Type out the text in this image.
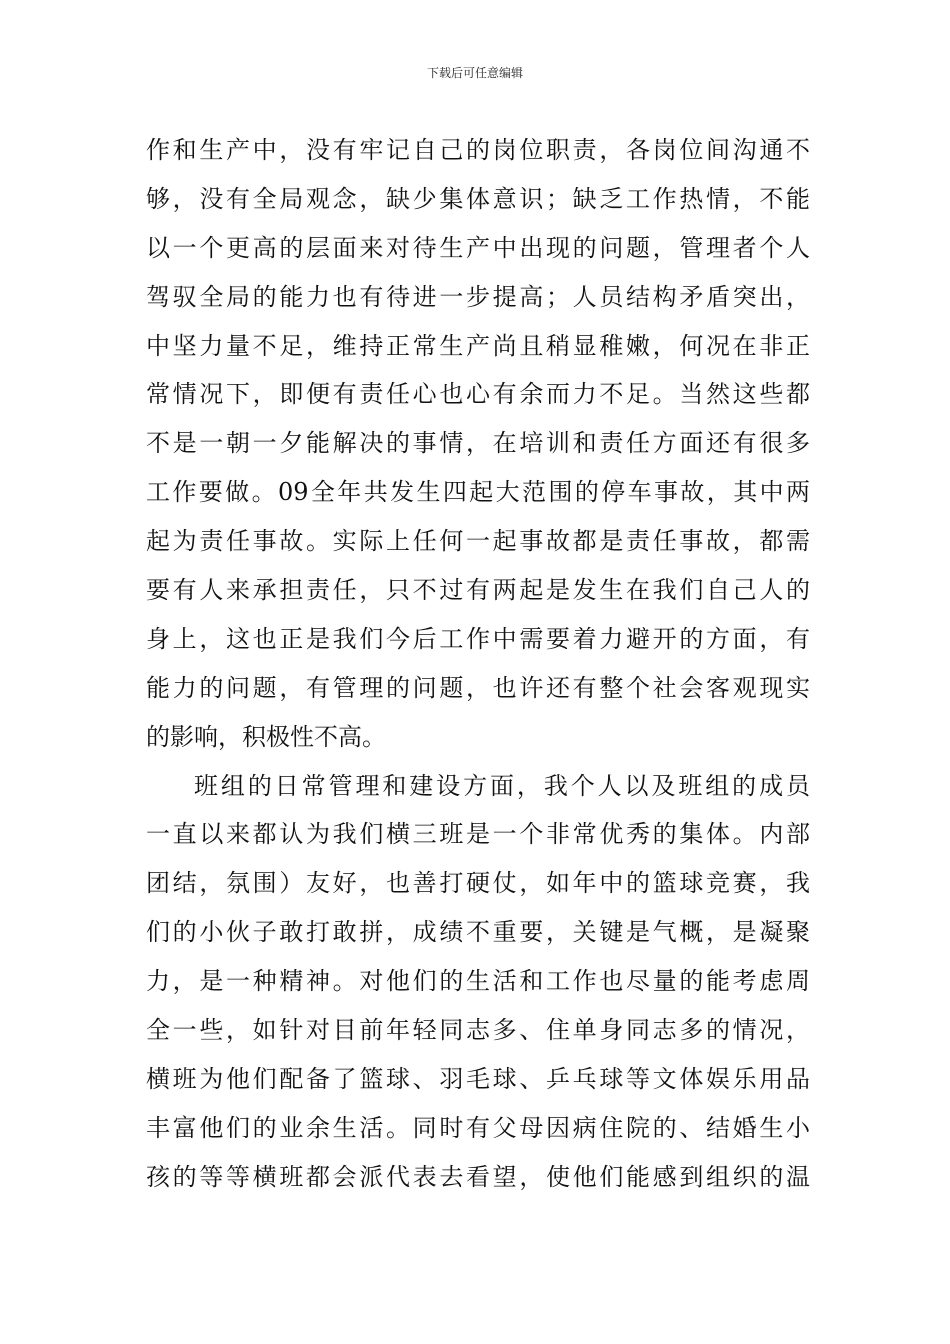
下载后可任意编辑
作和生产中，没有牢记自己的岗位职责，各岗位间沟通不
够，没有全局观念，缺少集体意识；缺乏工作热情，不能
以一个更高的层面来对待生产中出现的问题，管理者个人
驾驭全局的能力也有待进一步提高；人员结构矛盾突出，
中坚力量不足，维持正常生产尚且稍显稚嫩，何况在非正
常情况下，即便有责任心也心有余而力不足。当然这些都
不是一朝一夕能解决的事情，在培训和责任方面还有很多
工作要做。09全年共发生四起大范围的停车事故，其中两
起为责任事故。实际上任何一起事故都是责任事故，都需
要有人来承担责任，只不过有两起是发生在我们自己人的
身上，这也正是我们今后工作中需要着力避开的方面，有
能力的问题，有管理的问题，也许还有整个社会客观现实
的影响，积极性不高。
班组的日常管理和建设方面，我个人以及班组的成员
一直以来都认为我们横三班是一个非常优秀的集体。内部
团结，氛围）友好，也善打硬仗，如年中的篮球竞赛，我
们的小伙子敢打敢拼，成绩不重要，关键是气概，是凝聚
力，是一种精神。对他们的生活和工作也尽量的能考虑周
全一些，如针对目前年轻同志多、住单身同志多的情况，
横班为他们配备了篮球、羽毛球、乒乓球等文体娱乐用品
丰富他们的业余生活。同时有父母因病住院的、结婚生小
孩的等等横班都会派代表去看望，使他们能感到组织的温
